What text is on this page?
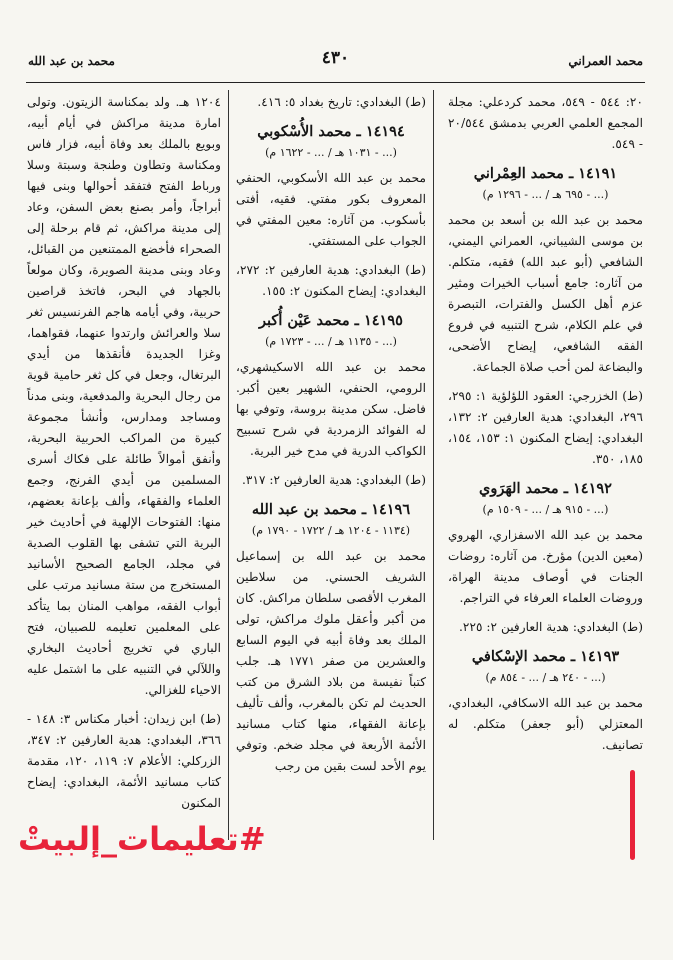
محمد العمراني
٤٣٠
محمد بن عبد الله

٢٠: ٥٤٤ - ٥٤٩، محمد كردعلي: مجلة المجمع العلمي العربي بدمشق ٢٠/٥٤٤ - ٥٤٩.

١٤١٩١ ـ محمد العِمْراني
(... - ٦٩٥ هـ / ... - ١٢٩٦ م)

محمد بن عبد الله بن أسعد بن محمد بن موسى الشيباني، العمراني اليمني، الشافعي (أبو عبد الله) فقيه، متكلم. من آثاره: جامع أسباب الخيرات ومثير عزم أهل الكسل والفترات، التبصرة في علم الكلام، شرح التنبيه في فروع الفقه الشافعي، إيضاح الأضحى، والبضاعة لمن أحب صلاة الجماعة.

(ط) الخزرجي: العقود اللؤلؤية ١: ٢٩٥، ٢٩٦، البغدادي: هدية العارفين ٢: ١٣٢، البغدادي: إيضاح المكنون ١: ١٥٣، ١٥٤، ١٨٥، ٣٥٠.

١٤١٩٢ ـ محمد الهَرَوي
(... - ٩١٥ هـ / ... - ١٥٠٩ م)

محمد بن عبد الله الاسفزاري، الهروي (معين الدين) مؤرخ. من آثاره: روضات الجنات في أوصاف مدينة الهراة، وروضات العلماء العرفاء في التراجم.

(ط) البغدادي: هدية العارفين ٢: ٢٢٥.

١٤١٩٣ ـ محمد الإسْكافي
(... - ٢٤٠ هـ / ... - ٨٥٤ م)

محمد بن عبد الله الاسكافي، البغدادي، المعتزلي (أبو جعفر) متكلم. له تصانيف.

(ط) البغدادي: تاريخ بغداد ٥: ٤١٦.

١٤١٩٤ ـ محمد الأُسْكوبي
(... - ١٠٣١ هـ / ... - ١٦٢٢ م)

محمد بن عبد الله الأسكوبي، الحنفي المعروف بكور مفتي. فقيه، أفتى بأسكوب. من آثاره: معين المفتي في الجواب على المستفتي.

(ط) البغدادي: هدية العارفين ٢: ٢٧٢، البغدادي: إيضاح المكنون ٢: ١٥٥.

١٤١٩٥ ـ محمد عَيْن أُكبر
(... - ١١٣٥ هـ / ... - ١٧٢٣ م)

محمد بن عبد الله الاسكيشهري، الرومي، الحنفي، الشهير بعين أكبر. فاضل. سكن مدينة بروسة، وتوفي بها له الفوائد الزمردية في شرح تسبيح الكواكب الدرية في مدح خير البرية.

(ط) البغدادي: هدية العارفين ٢: ٣١٧.

١٤١٩٦ ـ محمد بن عبد الله
(١١٣٤ - ١٢٠٤ هـ / ١٧٢٢ - ١٧٩٠ م)

محمد بن عبد الله بن إسماعيل الشريف الحسني. من سلاطين المغرب الأقصى سلطان مراكش. كان من أكبر وأعقل ملوك مراكش، تولى الملك بعد وفاة أبيه في اليوم السابع والعشرين من صفر ١٧٧١ هـ. جلب كتباً نفيسة من بلاد الشرق من كتب الحديث لم تكن بالمغرب، وألف تأليف بإعانة الفقهاء، منها كتاب مسانيد الأئمة الأربعة في مجلد ضخم. وتوفي يوم الأحد لست بقين من رجب

١٢٠٤ هـ. ولد بمكناسة الزيتون. وتولى امارة مدينة مراكش في أيام أبيه، وبويع بالملك بعد وفاة أبيه، فزار فاس ومكناسة وتطاون وطنجة وسبتة وسلا ورباط الفتح فتفقد أحوالها وبنى فيها أبراجاً، وأمر بصنع بعض السفن، وعاد إلى مدينة مراكش، ثم قام برحلة إلى الصحراء فأخضع الممتنعين من القبائل، وعاد وبنى مدينة الصويرة، وكان مولعاً بالجهاد في البحر، فاتخذ قراصين حربية، وفي أيامه هاجم الفرنسيس ثغر سلا والعرائش وارتدوا عنهما، فقواهما، وغزا الجديدة فأنقذها من أيدي البرتغال، وجعل في كل ثغر حامية قوية من رجال البحرية والمدفعية، وبنى مدناً ومساجد ومدارس، وأنشأ مجموعة كبيرة من المراكب الحربية البحرية، وأنفق أموالاً طائلة على فكاك أسرى المسلمين من أيدي الفرنج، وجمع العلماء والفقهاء، وألف بإعانة بعضهم، منها: الفتوحات الإلهية في أحاديث خير البرية التي تشفى بها القلوب الصدية في مجلد، الجامع الصحيح الأسانيد المستخرج من ستة مسانيد مرتب على أبواب الفقه، مواهب المنان بما يتأكد على المعلمين تعليمه للصبيان، فتح الباري في تخريج أحاديث البخاري واللآلي في التنبيه على ما اشتمل عليه الاحياء للغزالي.

(ط) ابن زيدان: أخبار مكناس ٣: ١٤٨ - ٣٦٦، البغدادي: هدية العارفين ٢: ٣٤٧، الزركلي: الأعلام ٧: ١١٩، ١٢٠، مقدمة كتاب مسانيد الأئمة، البغدادي: إيضاح المكنون

#تعليمات_إلبيتْ
